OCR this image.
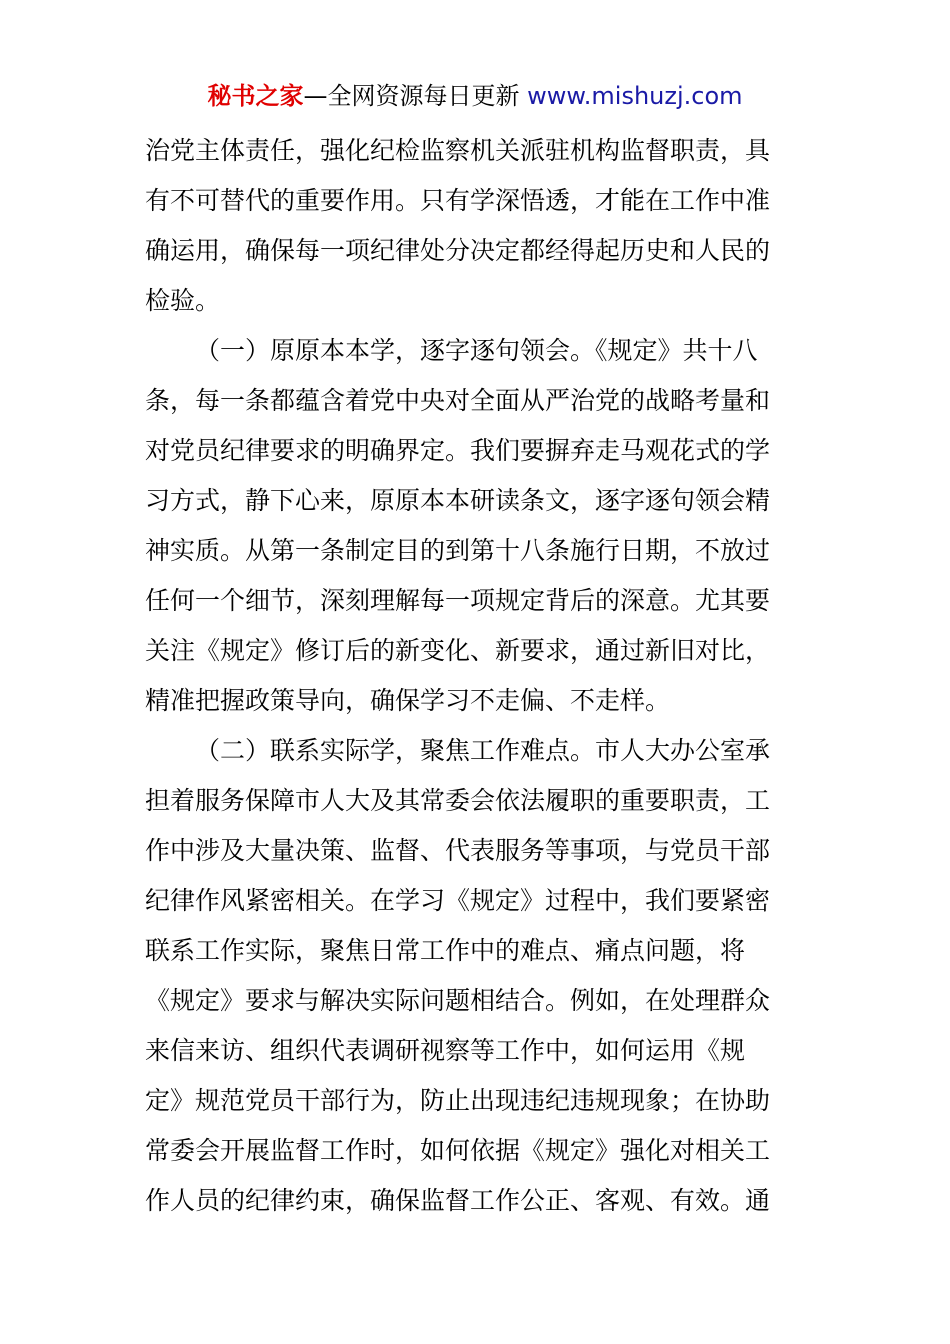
秘书之家—全网资源每日更新 www.mishuzj.com
治党主体责任，强化纪检监察机关派驻机构监督职责，具
有不可替代的重要作用。只有学深悟透，才能在工作中准
确运用，确保每一项纪律处分决定都经得起历史和人民的
检验。
（一）原原本本学，逐字逐句领会。《规定》共十八
条，每一条都蕴含着党中央对全面从严治党的战略考量和
对党员纪律要求的明确界定。我们要摒弃走马观花式的学
习方式，静下心来，原原本本研读条文，逐字逐句领会精
神实质。从第一条制定目的到第十八条施行日期，不放过
任何一个细节，深刻理解每一项规定背后的深意。尤其要
关注《规定》修订后的新变化、新要求，通过新旧对比，
精准把握政策导向，确保学习不走偏、不走样。
（二）联系实际学，聚焦工作难点。市人大办公室承
担着服务保障市人大及其常委会依法履职的重要职责，工
作中涉及大量决策、监督、代表服务等事项，与党员干部
纪律作风紧密相关。在学习《规定》过程中，我们要紧密
联系工作实际，聚焦日常工作中的难点、痛点问题，将
《规定》要求与解决实际问题相结合。例如，在处理群众
来信来访、组织代表调研视察等工作中，如何运用《规
定》规范党员干部行为，防止出现违纪违规现象；在协助
常委会开展监督工作时，如何依据《规定》强化对相关工
作人员的纪律约束，确保监督工作公正、客观、有效。通
